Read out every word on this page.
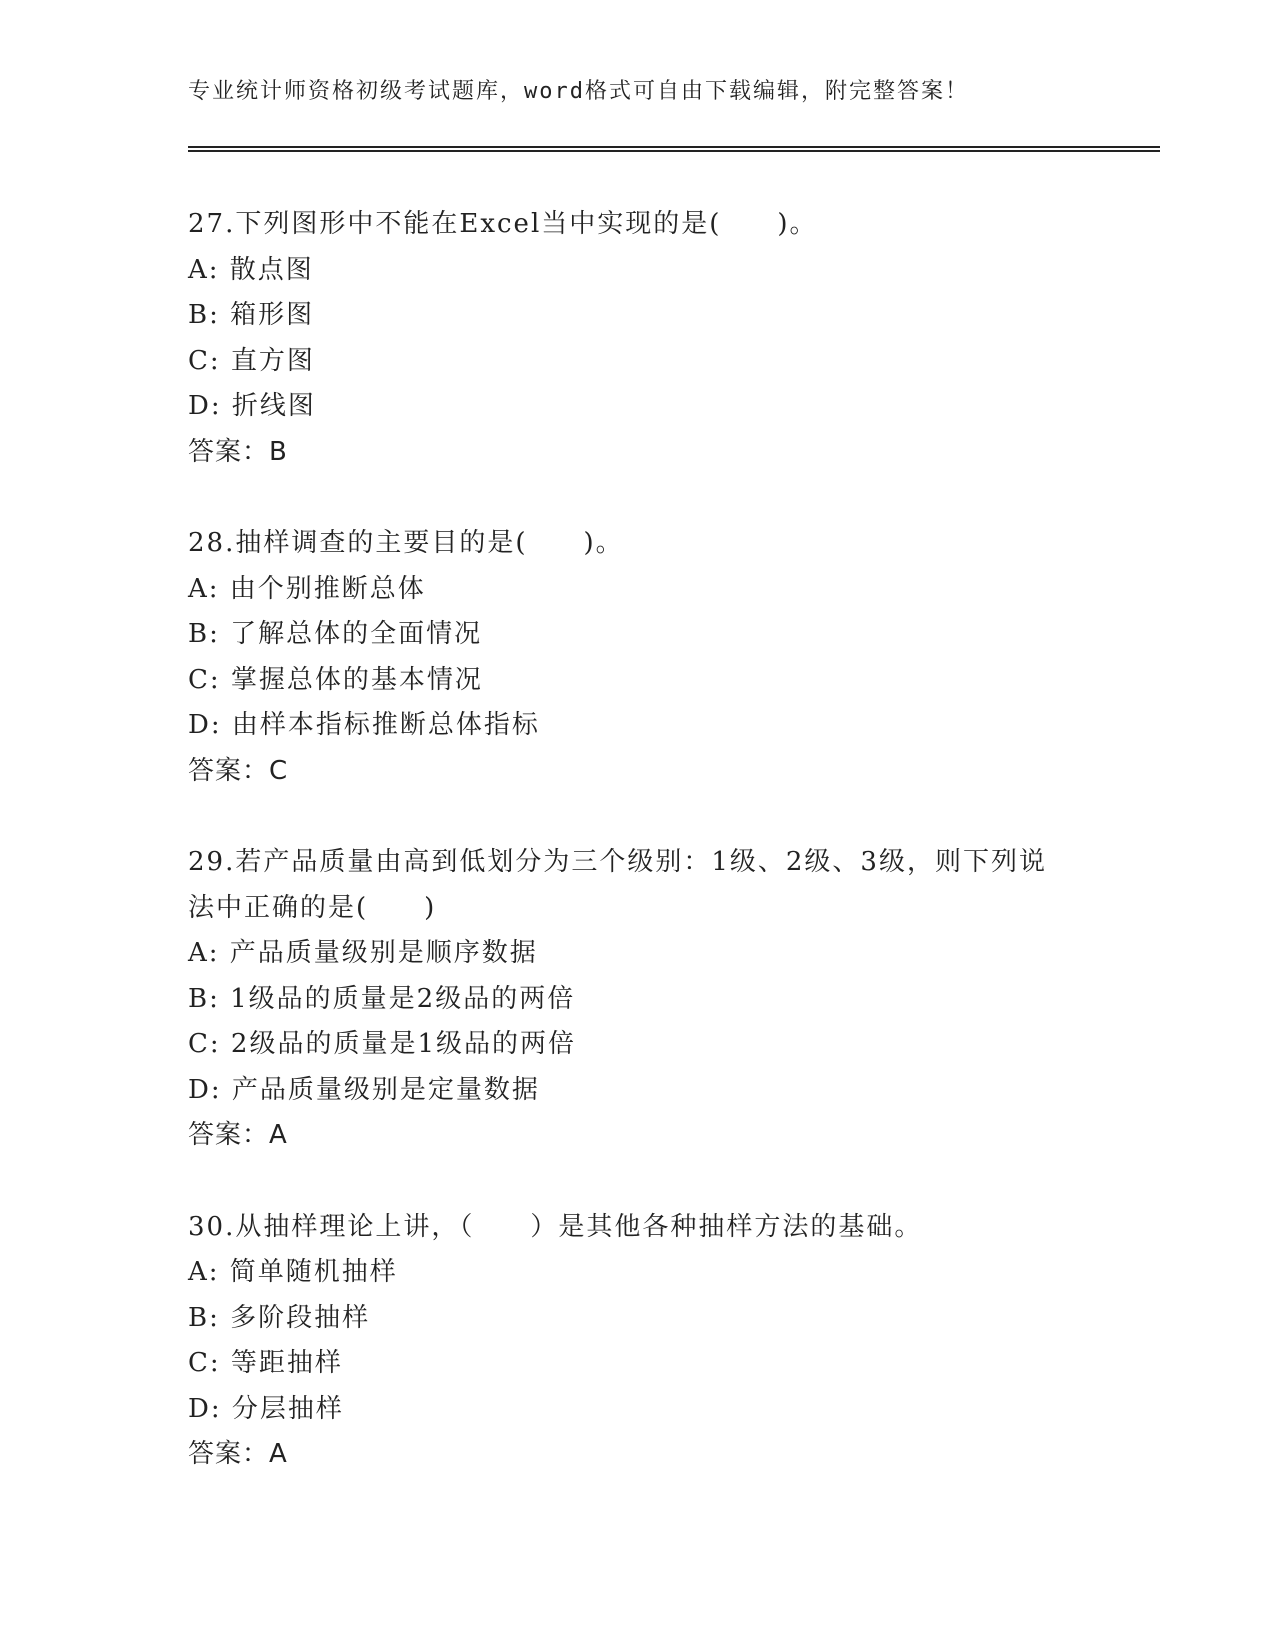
专业统计师资格初级考试题库，word格式可自由下载编辑，附完整答案！
27.下列图形中不能在Excel当中实现的是(　　)。
A: 散点图
B: 箱形图
C: 直方图
D: 折线图
答案：B
28.抽样调查的主要目的是(　　)。
A: 由个别推断总体
B: 了解总体的全面情况
C: 掌握总体的基本情况
D: 由样本指标推断总体指标
答案：C
29.若产品质量由高到低划分为三个级别：1级、2级、3级，则下列说法中正确的是(　　)
A: 产品质量级别是顺序数据
B: 1级品的质量是2级品的两倍
C: 2级品的质量是1级品的两倍
D: 产品质量级别是定量数据
答案：A
30.从抽样理论上讲，（　　）是其他各种抽样方法的基础。
A: 简单随机抽样
B: 多阶段抽样
C: 等距抽样
D: 分层抽样
答案：A
